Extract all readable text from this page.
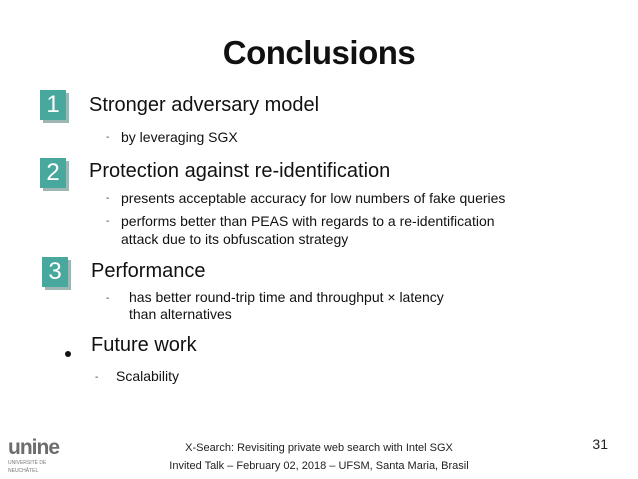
Conclusions
1	Stronger adversary model
- by leveraging SGX
2	Protection against re-identification
- presents acceptable accuracy for low numbers of fake queries
- performs better than PEAS with regards to a re-identification
attack due to its obfuscation strategy
3	Performance
- has better round-trip time and throughput × latency
than alternatives
Future work
- Scalability
unine
UNIVERSITÉ DE
NEUCHÂTEL
X-Search: Revisiting private web search with Intel SGX
Invited Talk – February 02, 2018 – UFSM, Santa Maria, Brasil
31
